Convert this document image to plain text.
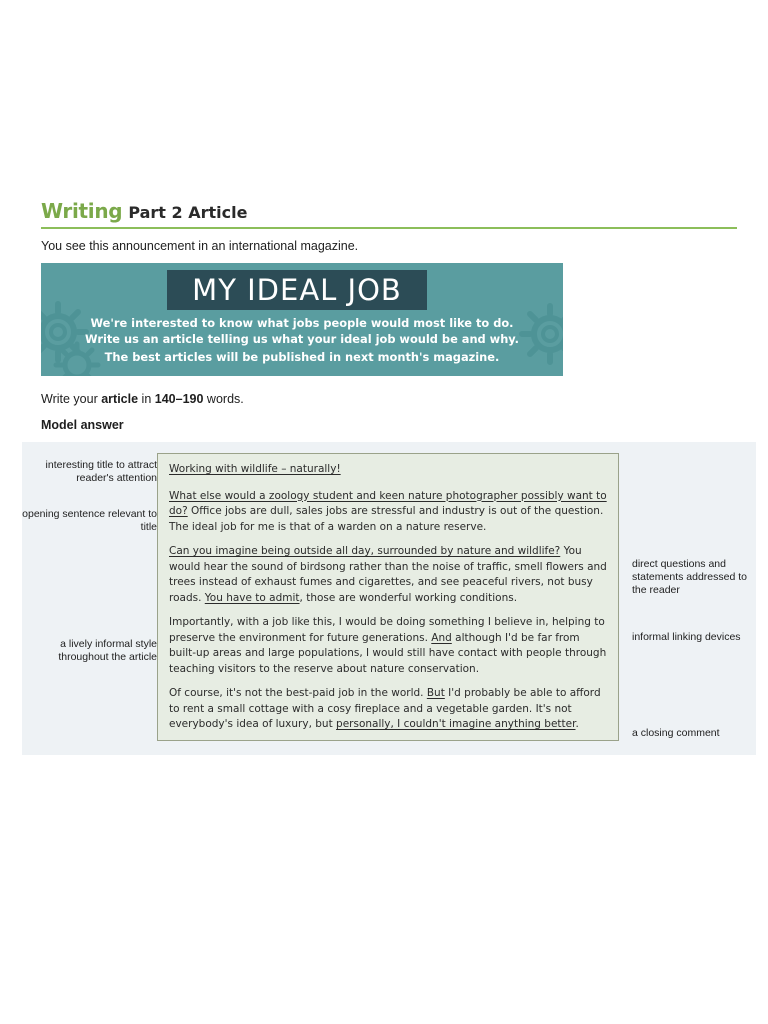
Writing Part 2 Article
You see this announcement in an international magazine.
MY IDEAL JOB
We're interested to know what jobs people would most like to do.
Write us an article telling us what your ideal job would be and why.

The best articles will be published in next month's magazine.
Write your article in 140–190 words.
Model answer
interesting title to attract reader's attention
opening sentence relevant to title
a lively informal style throughout the article
direct questions and statements addressed to the reader
informal linking devices
a closing comment

Working with wildlife – naturally!

What else would a zoology student and keen nature photographer possibly want to do? Office jobs are dull, sales jobs are stressful and industry is out of the question. The ideal job for me is that of a warden on a nature reserve.

Can you imagine being outside all day, surrounded by nature and wildlife? You would hear the sound of birdsong rather than the noise of traffic, smell flowers and trees instead of exhaust fumes and cigarettes, and see peaceful rivers, not busy roads. You have to admit, those are wonderful working conditions.

Importantly, with a job like this, I would be doing something I believe in, helping to preserve the environment for future generations. And although I'd be far from built-up areas and large populations, I would still have contact with people through teaching visitors to the reserve about nature conservation.

Of course, it's not the best-paid job in the world. But I'd probably be able to afford to rent a small cottage with a cosy fireplace and a vegetable garden. It's not everybody's idea of luxury, but personally, I couldn't imagine anything better.
